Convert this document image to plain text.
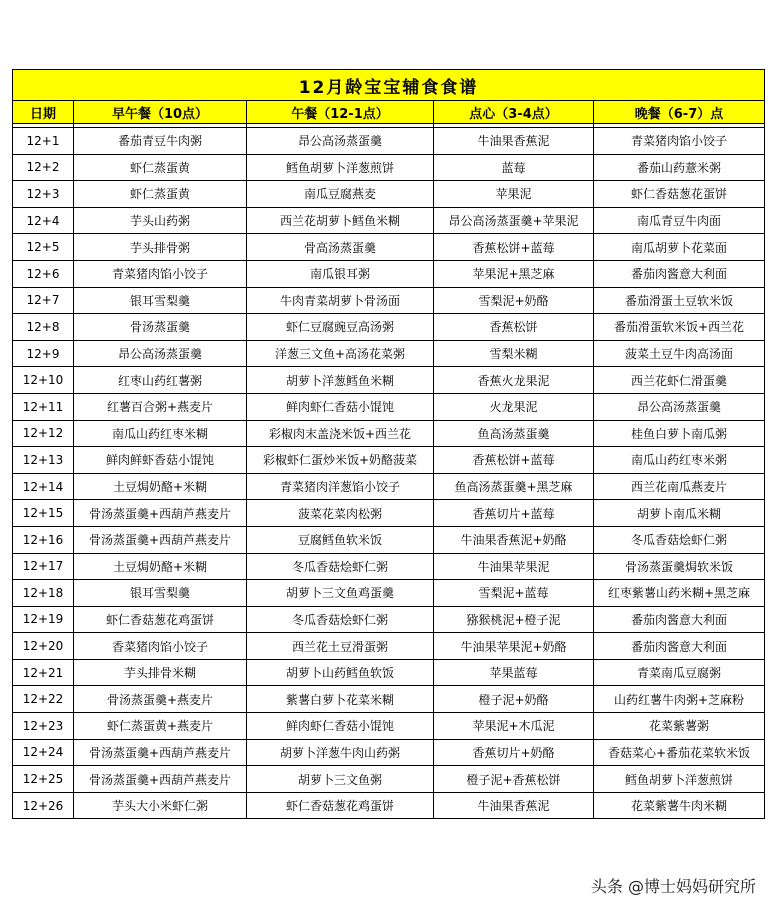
12月龄宝宝辅食食谱				
日期	早午餐（10点）	午餐（12-1点）	点心（3-4点）	晚餐（6-7）点

12+1	番茄青豆牛肉粥	昂公高汤蒸蛋羹	牛油果香蕉泥	青菜猪肉馅小饺子
12+2	虾仁蒸蛋黄	鳕鱼胡萝卜洋葱煎饼	蓝莓	番茄山药薏米粥
12+3	虾仁蒸蛋黄	南瓜豆腐燕麦	苹果泥	虾仁香菇葱花蛋饼
12+4	芋头山药粥	西兰花胡萝卜鳕鱼米糊	昂公高汤蒸蛋羹+苹果泥	南瓜青豆牛肉面
12+5	芋头排骨粥	骨高汤蒸蛋羹	香蕉松饼+蓝莓	南瓜胡萝卜花菜面
12+6	青菜猪肉馅小饺子	南瓜银耳粥	苹果泥+黑芝麻	番茄肉酱意大利面
12+7	银耳雪梨羹	牛肉青菜胡萝卜骨汤面	雪梨泥+奶酪	番茄滑蛋土豆软米饭
12+8	骨汤蒸蛋羹	虾仁豆腐豌豆高汤粥	香蕉松饼	番茄滑蛋软米饭+西兰花
12+9	昂公高汤蒸蛋羹	洋葱三文鱼+高汤花菜粥	雪梨米糊	菠菜土豆牛肉高汤面
12+10	红枣山药红薯粥	胡萝卜洋葱鳕鱼米糊	香蕉火龙果泥	西兰花虾仁滑蛋羹
12+11	红薯百合粥+燕麦片	鲜肉虾仁香菇小馄饨	火龙果泥	昂公高汤蒸蛋羹
12+12	南瓜山药红枣米糊	彩椒肉末盖浇米饭+西兰花	鱼高汤蒸蛋羹	桂鱼白萝卜南瓜粥
12+13	鲜肉鲜虾香菇小馄饨	彩椒虾仁蛋炒米饭+奶酪菠菜	香蕉松饼+蓝莓	南瓜山药红枣米粥
12+14	土豆焗奶酪+米糊	青菜猪肉洋葱馅小饺子	鱼高汤蒸蛋羹+黑芝麻	西兰花南瓜燕麦片
12+15	骨汤蒸蛋羹+西葫芦燕麦片	菠菜花菜肉松粥	香蕉切片+蓝莓	胡萝卜南瓜米糊
12+16	骨汤蒸蛋羹+西葫芦燕麦片	豆腐鳕鱼软米饭	牛油果香蕉泥+奶酪	冬瓜香菇烩虾仁粥
12+17	土豆焗奶酪+米糊	冬瓜香菇烩虾仁粥	牛油果苹果泥	骨汤蒸蛋羹焗软米饭
12+18	银耳雪梨羹	胡萝卜三文鱼鸡蛋羹	雪梨泥+蓝莓	红枣紫薯山药米糊+黑芝麻
12+19	虾仁香菇葱花鸡蛋饼	冬瓜香菇烩虾仁粥	猕猴桃泥+橙子泥	番茄肉酱意大利面
12+20	香菜猪肉馅小饺子	西兰花土豆滑蛋粥	牛油果苹果泥+奶酪	番茄肉酱意大利面
12+21	芋头排骨米糊	胡萝卜山药鳕鱼软饭	苹果蓝莓	青菜南瓜豆腐粥
12+22	骨汤蒸蛋羹+燕麦片	紫薯白萝卜花菜米糊	橙子泥+奶酪	山药红薯牛肉粥+芝麻粉
12+23	虾仁蒸蛋黄+燕麦片	鲜肉虾仁香菇小馄饨	苹果泥+木瓜泥	花菜紫薯粥
12+24	骨汤蒸蛋羹+西葫芦燕麦片	胡萝卜洋葱牛肉山药粥	香蕉切片+奶酪	香菇菜心+番茄花菜软米饭
12+25	骨汤蒸蛋羹+西葫芦燕麦片	胡萝卜三文鱼粥	橙子泥+香蕉松饼	鳕鱼胡萝卜洋葱煎饼
12+26	芋头大小米虾仁粥	虾仁香菇葱花鸡蛋饼	牛油果香蕉泥	花菜紫薯牛肉米糊
头条 @博士妈妈研究所
